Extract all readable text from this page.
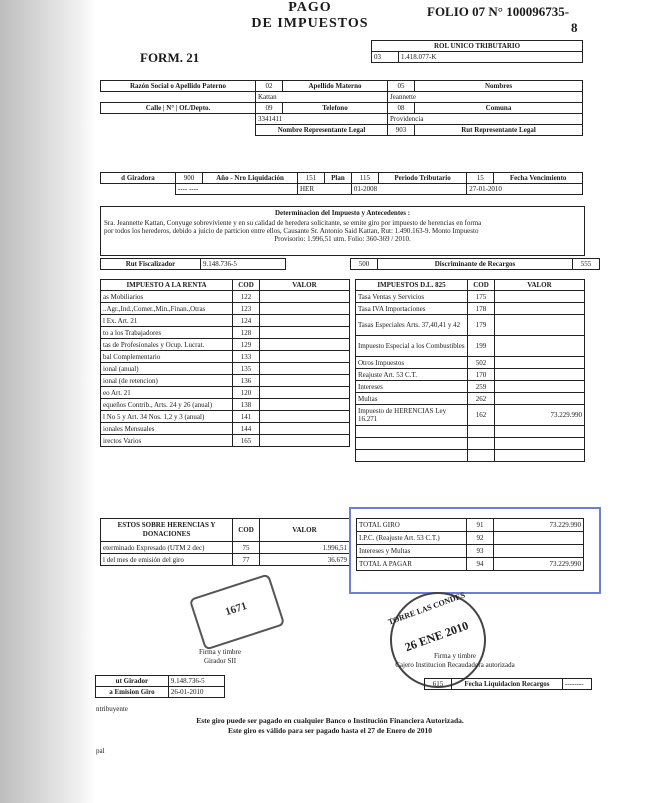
PAGO
DE IMPUESTOS
FOLIO 07 N° 100096735-
8
FORM. 21
ROL UNICO TRIBUTARIO
03	1.418.077-K
Razón Social o Apellido Paterno	02	Apellido Materno	05	Nombres
	Kattan		Jeannette	
Calle | N° | Of./Depto.	09	Telefono	08	Comuna
	3341411		Providencia	
	Nombre Representante Legal		903	Rut Representante Legal
d Giradora	900	Año - Nro Liquidación	151	Plan	115	Periodo Tributario	15	Fecha Vencimiento
	---- ----		HER		01-2008		27-01-2010	
Determinacion del Impuesto y Antecedentes :
Sra. Jeannette Kattan, Conyuge sobreviviente y en su calidad de heredera solicitante, se emite giro por impuesto de herencias en forma
por todos los herederos, debido a juicio de particion entre ellos, Causante Sr. Antonio Said Kattan, Rut: 1.490.163-9. Monto Impuesto
Provisorio: 1.996,51 utm. Folio: 360-369 / 2010.
Rut Fiscalizador	9.148.736-5		500	Discriminante de Recargos	555
IMPUESTO A LA RENTA	COD	VALOR
as Mobiliarios	122	
..Agr.,Ind.,Comer.,Min.,Finan.,Otras	123	
l Ex. Art. 21	124	
to a los Trabajadores	128	
tas de Profesionales y Ocup. Lucrat.	129	
bal Complementario	133	
ional (anual)	135	
ional (de retencion)	136	
eo Art. 21	120	
equeños Contrib., Arts. 24 y 26 (anual)	138	
l No 5 y Art. 34 Nos. 1,2 y 3 (anual)	141	
ionales Mensuales	144	
irectos Varios	165	
IMPUESTOS D.L. 825	COD	VALOR
Tasa Ventas y Servicios	175	
Tasa IVA Importaciones	178	
Tasas Especiales Arts. 37,40,41 y 42	179	
Impuesto Especial a los Combustibles	199	
Otros Impuestos	502	
Reajuste Art. 53 C.T.	170	
Intereses	259	
Multas	262	
Impuesto de HERENCIAS Ley 16.271	162	73.229.990

ESTOS SOBRE HERENCIAS Y
DONACIONES	COD	VALOR
eterminado Expresado (UTM 2 dec)	75	1.996,51
l del mes de emisión del giro	77	36.679
TOTAL GIRO	91	73.229.990
I.P.C. (Reajuste Art. 53 C.T.)	92	
Intereses y Multas	93	
TOTAL A PAGAR	94	73.229.990
1671	TORRE LAS CONDES
26 ENE 2010
Firma y timbre
Girador SII
Firma y timbre
Cajero Institucion Recaudadora autorizada
ut Girador	9.148.736-5
a Emision Giro	26-01-2010
ntribuyente
615	Fecha Liquidacion Recargos	--------
Este giro puede ser pagado en cualquier Banco o Institución Financiera Autorizada.
Este giro es válido para ser pagado hasta el 27 de Enero de 2010
pal
